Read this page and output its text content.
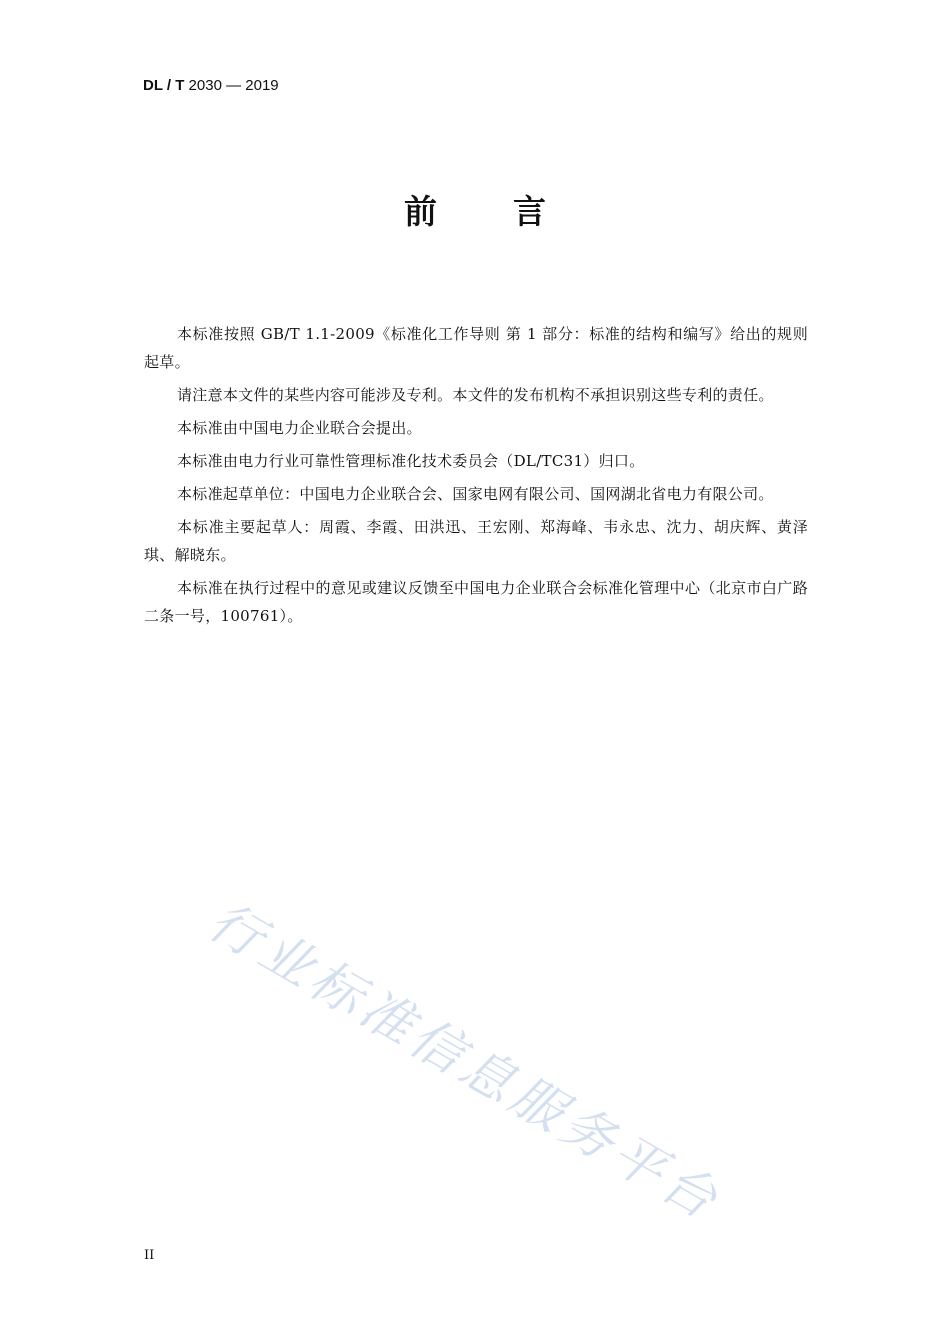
DL / T 2030 — 2019
前言

本标准按照 GB/T 1.1-2009《标准化工作导则 第 1 部分：标准的结构和编写》给出的规则起草。

请注意本文件的某些内容可能涉及专利。本文件的发布机构不承担识别这些专利的责任。

本标准由中国电力企业联合会提出。

本标准由电力行业可靠性管理标准化技术委员会（DL/TC31）归口。

本标准起草单位：中国电力企业联合会、国家电网有限公司、国网湖北省电力有限公司。

本标准主要起草人：周霞、李霞、田洪迅、王宏刚、郑海峰、韦永忠、沈力、胡庆辉、黄泽琪、解晓东。

本标准在执行过程中的意见或建议反馈至中国电力企业联合会标准化管理中心（北京市白广路二条一号，100761）。

行业标准信息服务平台
II
